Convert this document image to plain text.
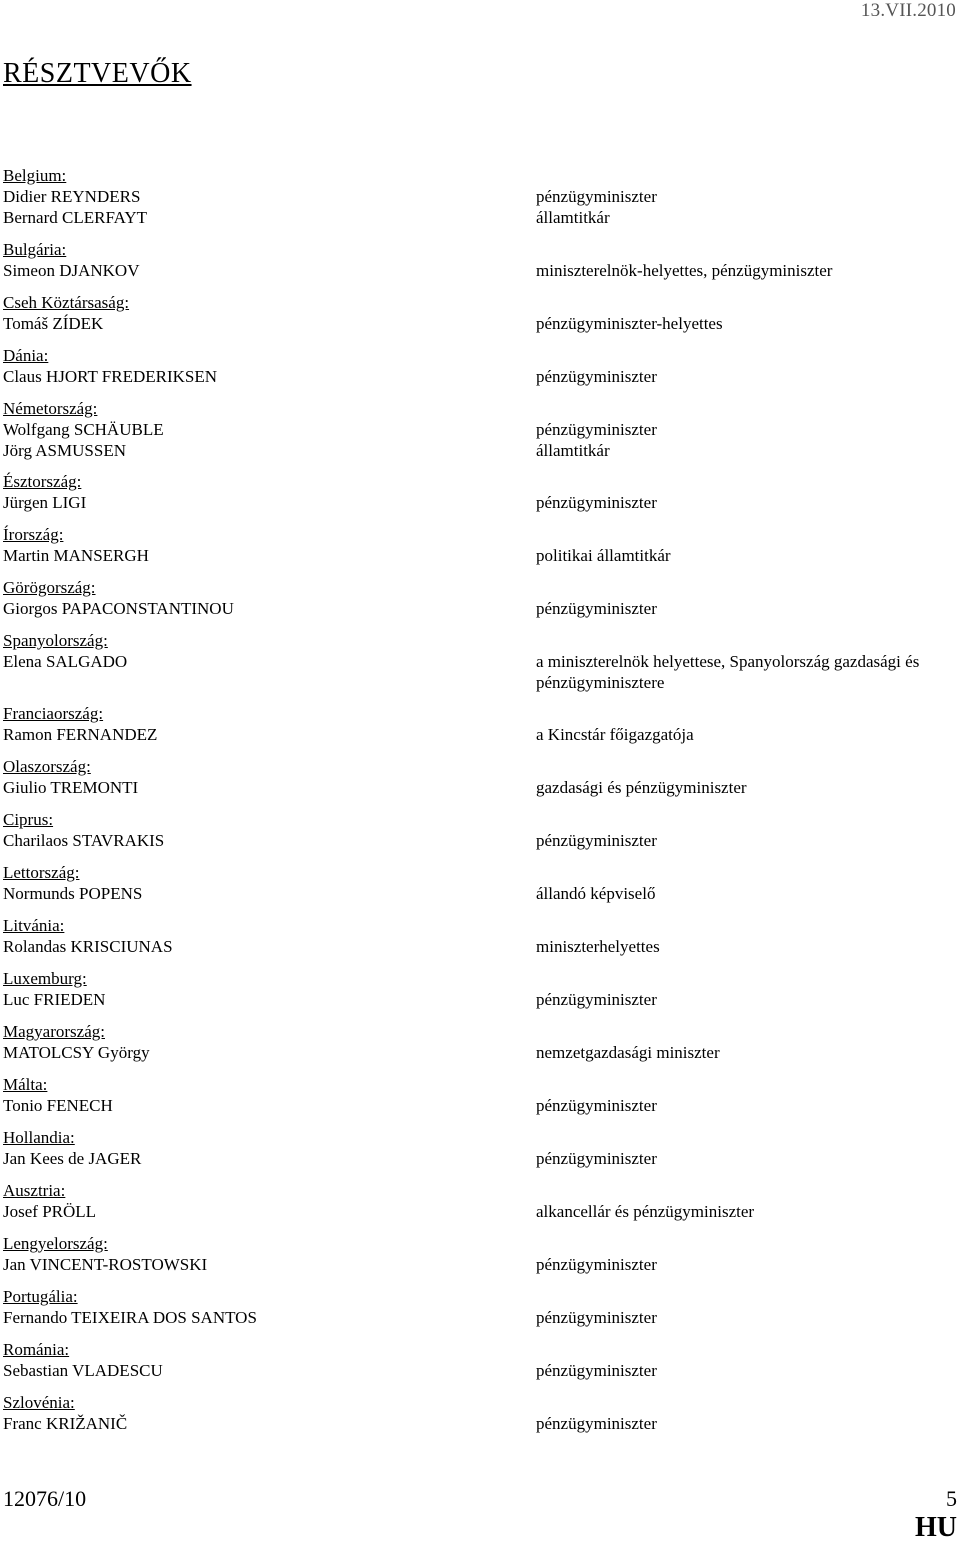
13.VII.2010
RÉSZTVEVŐK
Belgium:
Didier REYNDERS	pénzügyminiszter
Bernard CLERFAYT	államtitkár
Bulgária:
Simeon DJANKOV	miniszterelnök-helyettes, pénzügyminiszter
Cseh Köztársaság:
Tomáš ZÍDEK	pénzügyminiszter-helyettes
Dánia:
Claus HJORT FREDERIKSEN	pénzügyminiszter
Németország:
Wolfgang SCHÄUBLE	pénzügyminiszter
Jörg ASMUSSEN	államtitkár
Észtország:
Jürgen LIGI	pénzügyminiszter
Írország:
Martin MANSERGH	politikai államtitkár
Görögország:
Giorgos PAPACONSTANTINOU	pénzügyminiszter
Spanyolország:
Elena SALGADO	a miniszterelnök helyettese, Spanyolország gazdasági és
pénzügyminisztere
Franciaország:
Ramon FERNANDEZ	a Kincstár főigazgatója
Olaszország:
Giulio TREMONTI	gazdasági és pénzügyminiszter
Ciprus:
Charilaos STAVRAKIS	pénzügyminiszter
Lettország:
Normunds POPENS	állandó képviselő
Litvánia:
Rolandas KRISCIUNAS	miniszterhelyettes
Luxemburg:
Luc FRIEDEN	pénzügyminiszter
Magyarország:
MATOLCSY György	nemzetgazdasági miniszter
Málta:
Tonio FENECH	pénzügyminiszter
Hollandia:
Jan Kees de JAGER	pénzügyminiszter
Ausztria:
Josef PRÖLL	alkancellár és pénzügyminiszter
Lengyelország:
Jan VINCENT-ROSTOWSKI	pénzügyminiszter
Portugália:
Fernando TEIXEIRA DOS SANTOS	pénzügyminiszter
Románia:
Sebastian VLADESCU	pénzügyminiszter
Szlovénia:
Franc KRIŽANIČ	pénzügyminiszter
12076/10	5
HU
